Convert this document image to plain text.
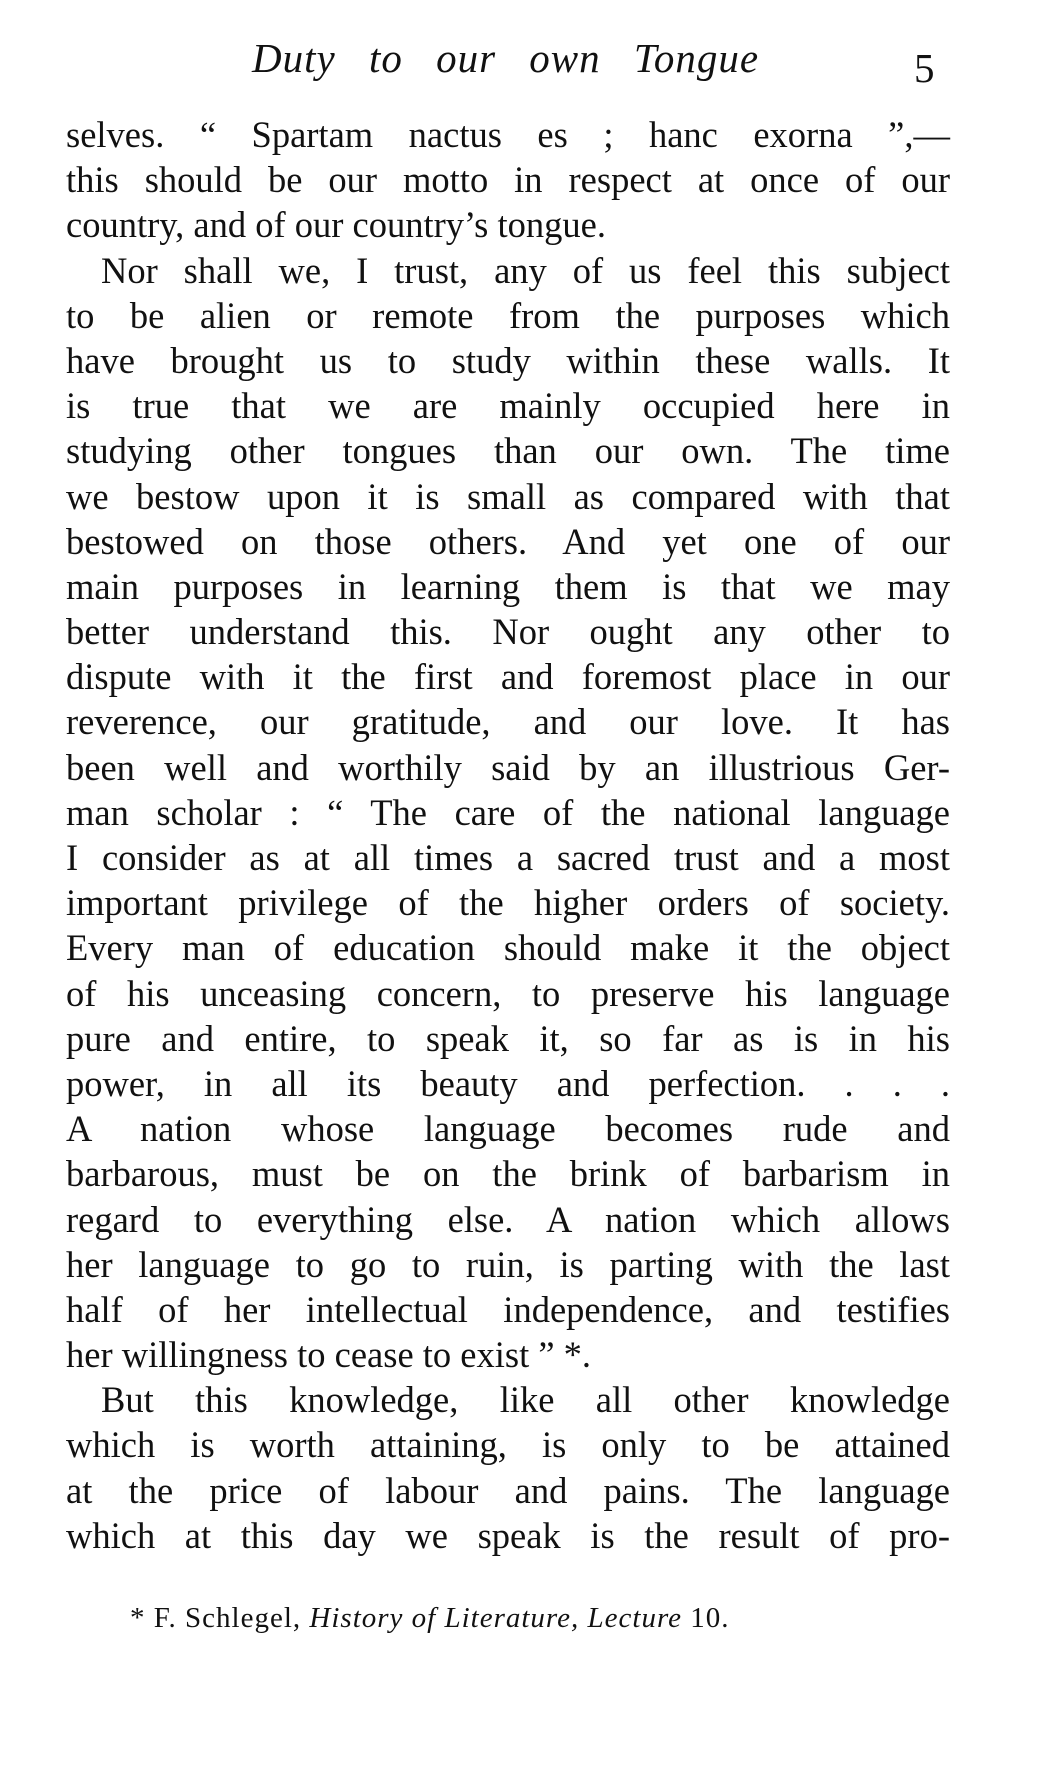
Duty to our own Tongue	5
selves. “ Spartam nactus es ; hanc exorna ”,—
this should be our motto in respect at once of our
country, and of our country’s tongue.
Nor shall we, I trust, any of us feel this subject
to be alien or remote from the purposes which
have brought us to study within these walls. It
is true that we are mainly occupied here in
studying other tongues than our own. The time
we bestow upon it is small as compared with that
bestowed on those others. And yet one of our
main purposes in learning them is that we may
better understand this. Nor ought any other to
dispute with it the first and foremost place in our
reverence, our gratitude, and our love. It has
been well and worthily said by an illustrious Ger-
man scholar : “ The care of the national language
I consider as at all times a sacred trust and a most
important privilege of the higher orders of society.
Every man of education should make it the object
of his unceasing concern, to preserve his language
pure and entire, to speak it, so far as is in his
power, in all its beauty and perfection. . . .
A nation whose language becomes rude and
barbarous, must be on the brink of barbarism in
regard to everything else. A nation which allows
her language to go to ruin, is parting with the last
half of her intellectual independence, and testifies
her willingness to cease to exist ” *.
But this knowledge, like all other knowledge
which is worth attaining, is only to be attained
at the price of labour and pains. The language
which at this day we speak is the result of pro-
* F. Schlegel, History of Literature, Lecture 10.
